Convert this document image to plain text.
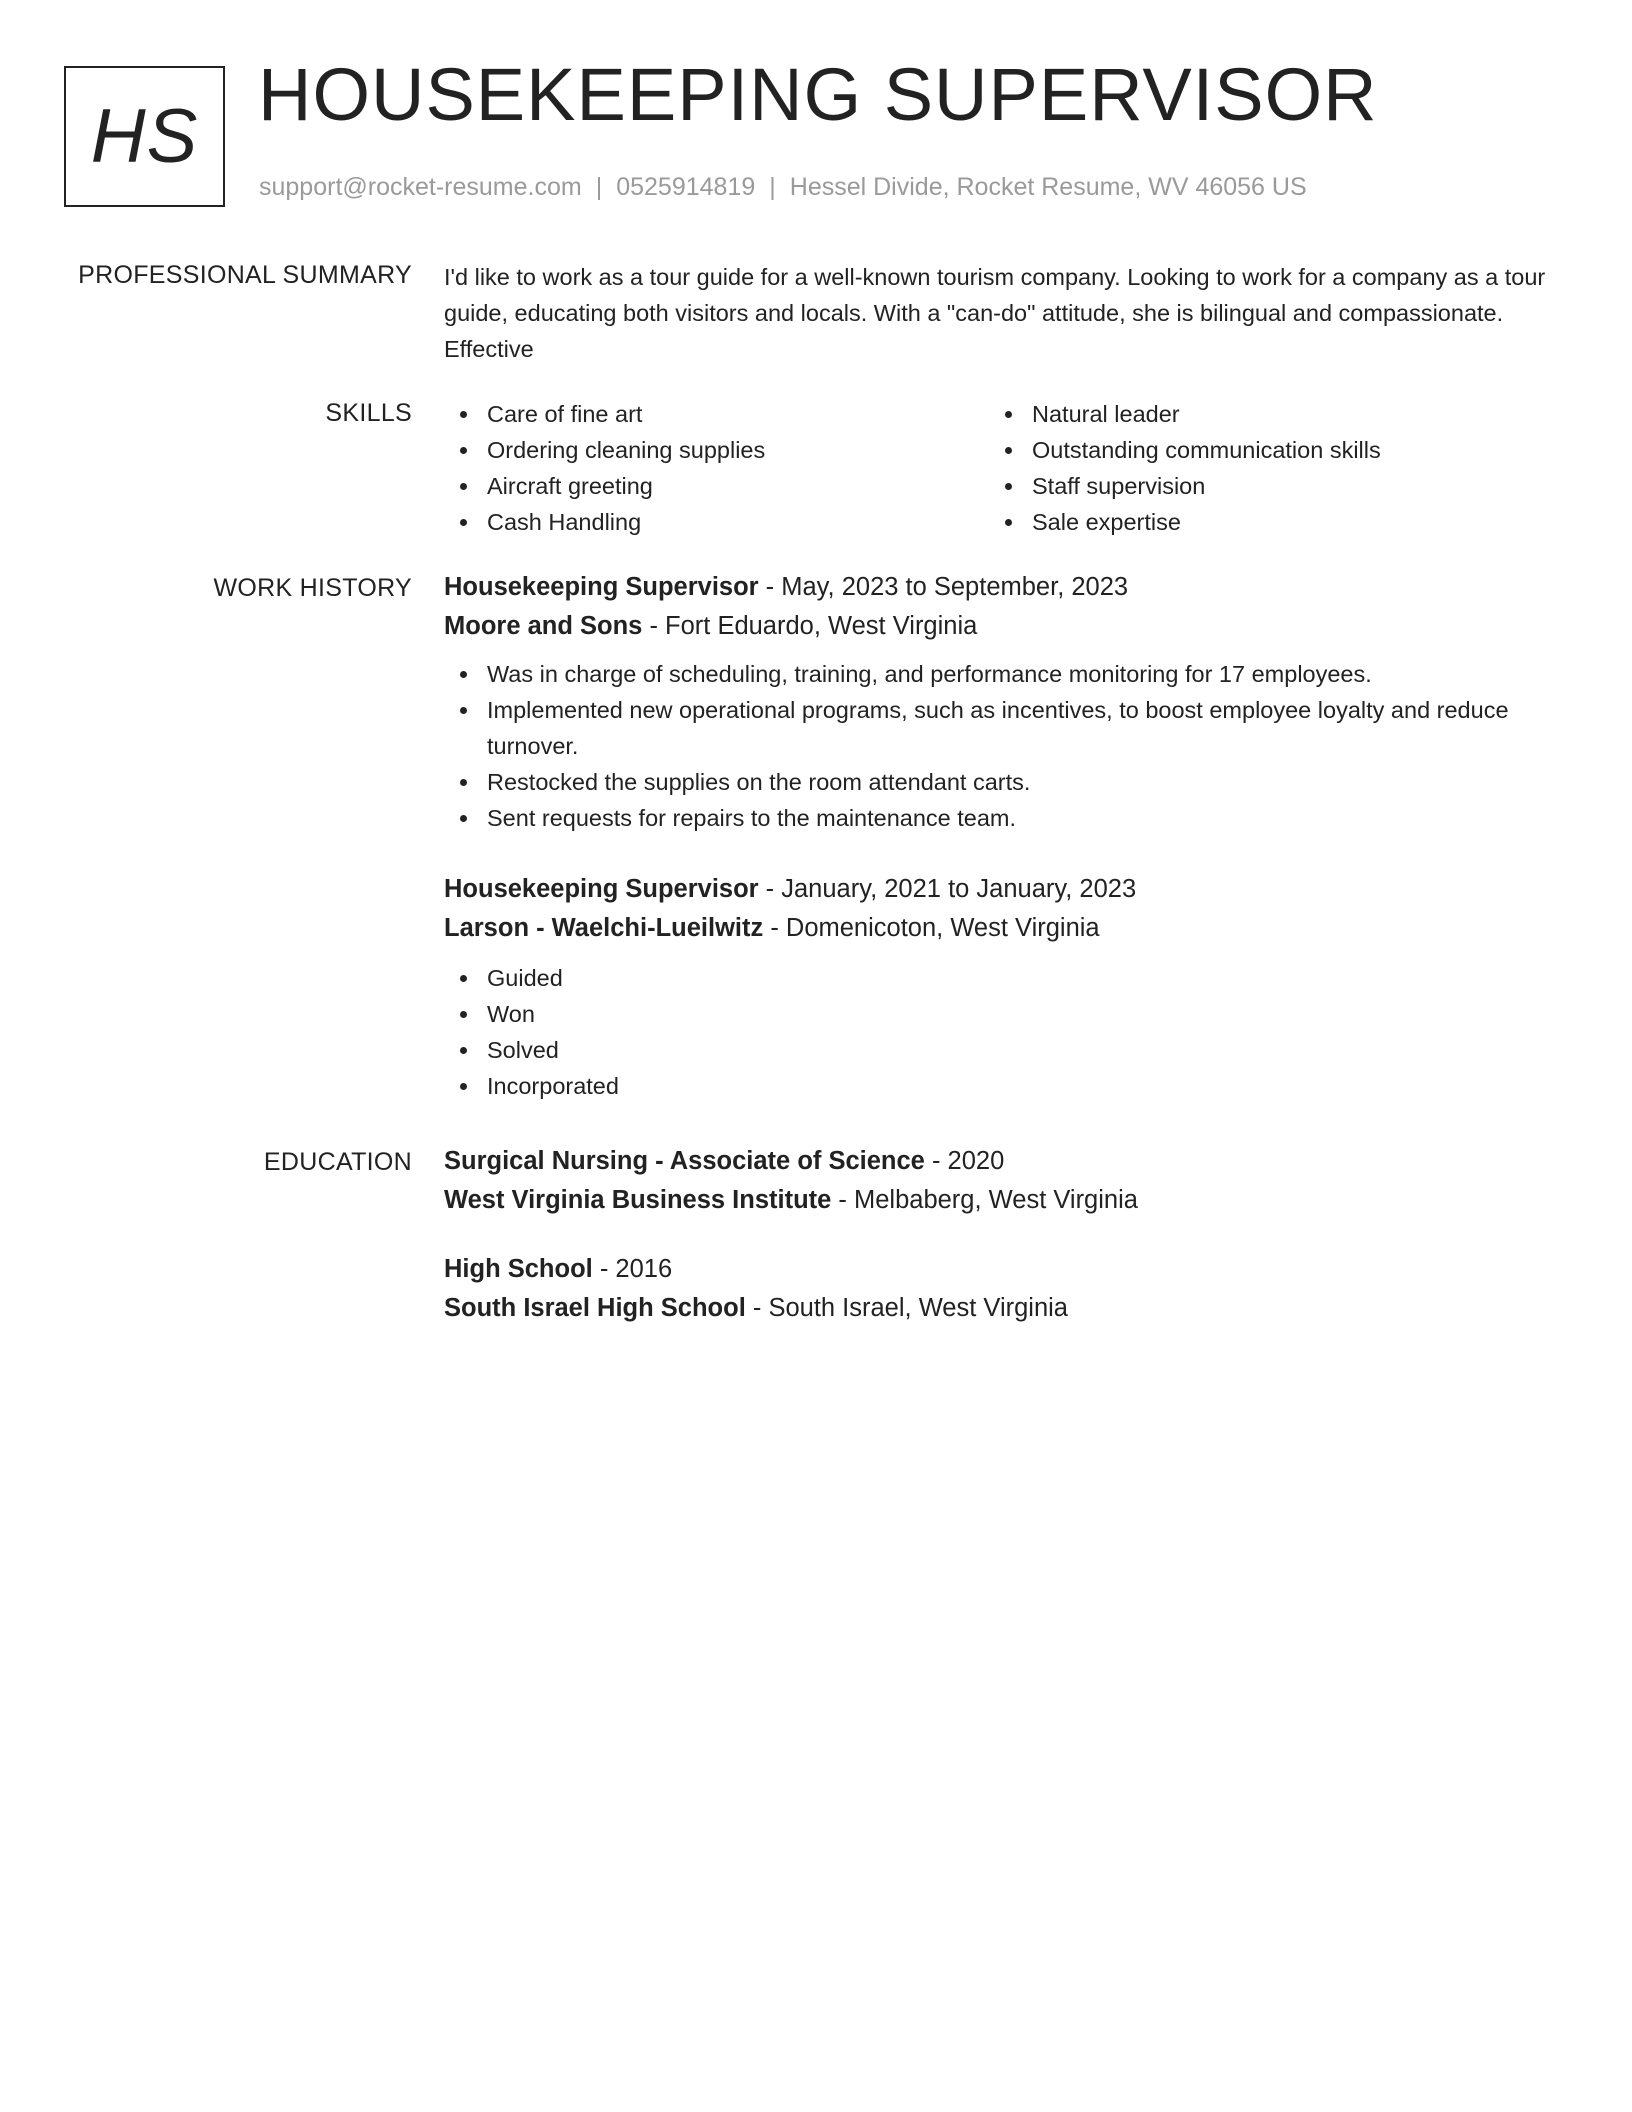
HS HOUSEKEEPING SUPERVISOR
support@rocket-resume.com | 0525914819 | Hessel Divide, Rocket Resume, WV 46056 US
PROFESSIONAL SUMMARY I'd like to work as a tour guide for a well-known tourism company. Looking to work for a company as a tour guide, educating both visitors and locals. With a "can-do" attitude, she is bilingual and compassionate. Effective

SKILLS	Care of fine art
Ordering cleaning supplies
Aircraft greeting
Cash Handling
Natural leader
Outstanding communication skills
Staff supervision
Sale expertise
WORK HISTORY Housekeeping Supervisor - May, 2023 to September, 2023
Moore and Sons - Fort Eduardo, West Virginia
Was in charge of scheduling, training, and performance monitoring for 17 employees.
Implemented new operational programs, such as incentives, to boost employee loyalty and reduce turnover.
Restocked the supplies on the room attendant carts.
Sent requests for repairs to the maintenance team.
Housekeeping Supervisor - January, 2021 to January, 2023
Larson - Waelchi-Lueilwitz - Domenicoton, West Virginia
Guided
Won
Solved
Incorporated
EDUCATION Surgical Nursing - Associate of Science - 2020
West Virginia Business Institute - Melbaberg, West Virginia
High School - 2016
South Israel High School - South Israel, West Virginia
